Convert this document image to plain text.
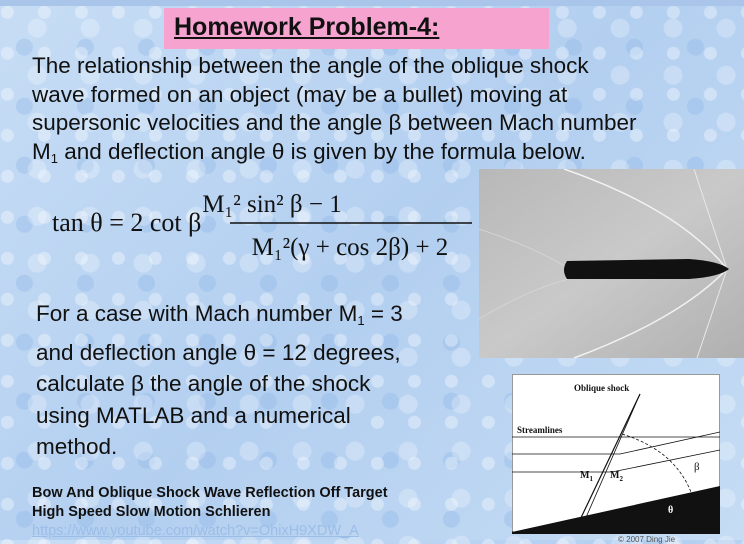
Homework Problem-4:
The relationship between the angle of the oblique shock
wave formed on an object (may be a bullet) moving at
supersonic velocities and the angle β between Mach number
$M_1$ and deflection angle θ is given by the formula below.
tan θ = 2 cot β
M₁² sin² β − 1
M₁²(γ + cos 2β) + 2
For a case with Mach number $M_1 = 3$
and deflection angle θ = 12 degrees,
calculate β the angle of the shock
using MATLAB and a numerical
method.
Oblique shock
Streamlines
β
$M_1$ $M_2$
θ
Bow And Oblique Shock Wave Reflection Off Target
High Speed Slow Motion Schlieren
https://www.youtube.com/watch?v=OhixH9XDW_A
© 2007 Ding Jie
